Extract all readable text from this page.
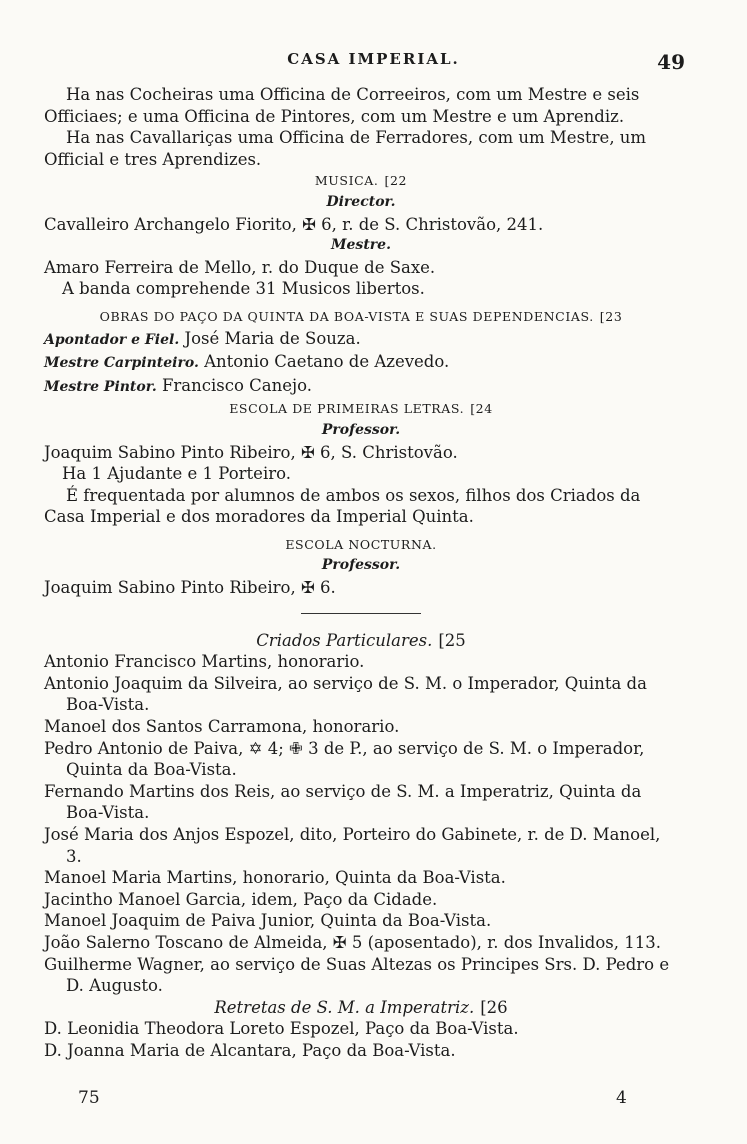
CASA IMPERIAL.	49

Ha nas Cocheiras uma Officina de Correeiros, com um Mestre e seis Officiaes; e uma Officina de Pintores, com um Mestre e um Aprendiz.

Ha nas Cavallariças uma Officina de Ferradores, com um Mestre, um Official e tres Aprendizes.

MUSICA. [22

Director.

Cavalleiro Archangelo Fiorito, ✠ 6, r. de S. Christovão, 241.

Mestre.

Amaro Ferreira de Mello, r. do Duque de Saxe.

A banda comprehende 31 Musicos libertos.

OBRAS DO PAÇO DA QUINTA DA BOA-VISTA E SUAS DEPENDENCIAS. [23

Apontador e Fiel. José Maria de Souza.

Mestre Carpinteiro. Antonio Caetano de Azevedo.

Mestre Pintor. Francisco Canejo.

ESCOLA DE PRIMEIRAS LETRAS. [24

Professor.

Joaquim Sabino Pinto Ribeiro, ✠ 6, S. Christovão.

Ha 1 Ajudante e 1 Porteiro.

É frequentada por alumnos de ambos os sexos, filhos dos Criados da Casa Imperial e dos moradores da Imperial Quinta.

ESCOLA NOCTURNA.

Professor.

Joaquim Sabino Pinto Ribeiro, ✠ 6.

Criados Particulares. [25

Antonio Francisco Martins, honorario.

Antonio Joaquim da Silveira, ao serviço de S. M. o Imperador, Quinta da Boa-Vista.

Manoel dos Santos Carramona, honorario.

Pedro Antonio de Paiva, ✡ 4; ✙ 3 de P., ao serviço de S. M. o Imperador, Quinta da Boa-Vista.

Fernando Martins dos Reis, ao serviço de S. M. a Imperatriz, Quinta da Boa-Vista.

José Maria dos Anjos Espozel, dito, Porteiro do Gabinete, r. de D. Manoel, 3.

Manoel Maria Martins, honorario, Quinta da Boa-Vista.

Jacintho Manoel Garcia, idem, Paço da Cidade.

Manoel Joaquim de Paiva Junior, Quinta da Boa-Vista.

João Salerno Toscano de Almeida, ✠ 5 (aposentado), r. dos Invalidos, 113.

Guilherme Wagner, ao serviço de Suas Altezas os Principes Srs. D. Pedro e D. Augusto.

Retretas de S. M. a Imperatriz. [26

D. Leonidia Theodora Loreto Espozel, Paço da Boa-Vista.

D. Joanna Maria de Alcantara, Paço da Boa-Vista.

75	4
